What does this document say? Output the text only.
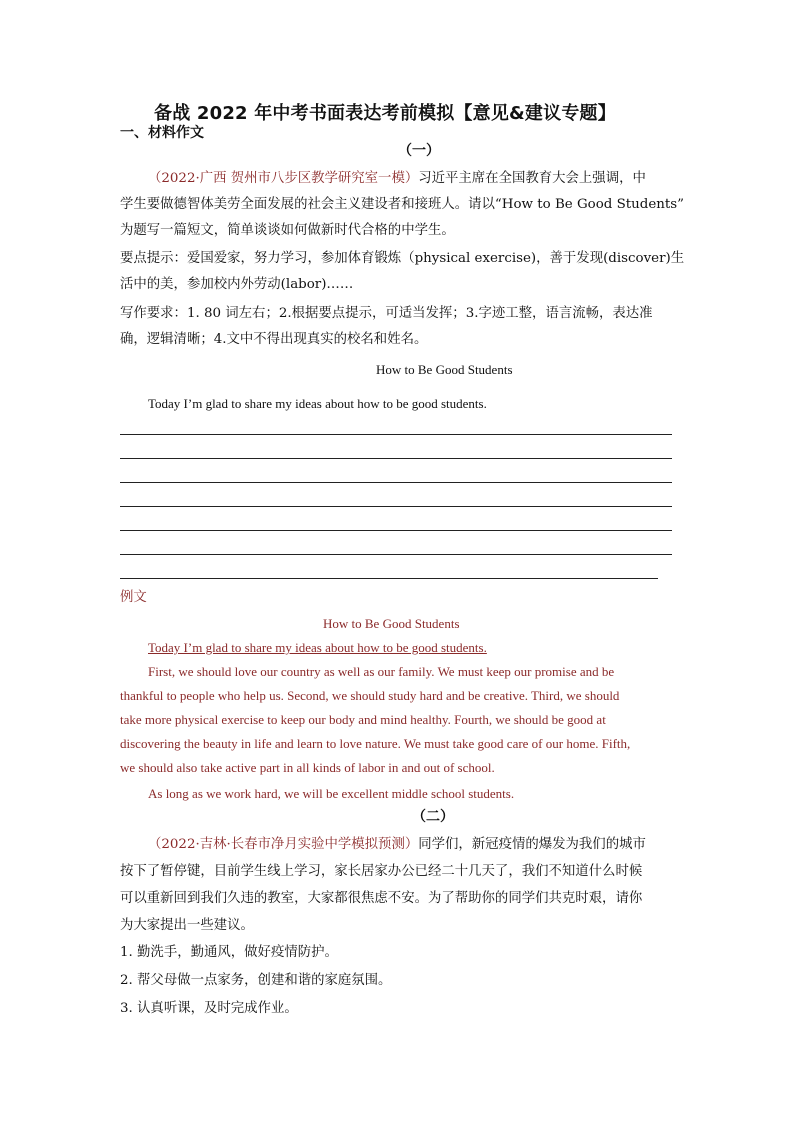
备战 2022 年中考书面表达考前模拟【意见&建议专题】
一、材料作文
（一）
（2022·广西 贺州市八步区教学研究室一模）习近平主席在全国教育大会上强调，中
学生要做德智体美劳全面发展的社会主义建设者和接班人。请以“How to Be Good Students”
为题写一篇短文，简单谈谈如何做新时代合格的中学生。
要点提示：爱国爱家，努力学习，参加体育锻炼（physical exercise)，善于发现(discover)生
活中的美，参加校内外劳动(labor)……
写作要求：1. 80 词左右；2.根据要点提示，可适当发挥；3.字迹工整，语言流畅，表达准
确，逻辑清晰；4.文中不得出现真实的校名和姓名。
How to Be Good Students
Today I’m glad to share my ideas about how to be good students.
例文
How to Be Good Students
Today I’m glad to share my ideas about how to be good students.
First, we should love our country as well as our family. We must keep our promise and be
thankful to people who help us. Second, we should study hard and be creative. Third, we should
take more physical exercise to keep our body and mind healthy. Fourth, we should be good at
discovering the beauty in life and learn to love nature. We must take good care of our home. Fifth,
we should also take active part in all kinds of labor in and out of school.
As long as we work hard, we will be excellent middle school students.
（二）
（2022·吉林·长春市净月实验中学模拟预测）同学们，新冠疫情的爆发为我们的城市
按下了暂停键，目前学生线上学习，家长居家办公已经二十几天了，我们不知道什么时候
可以重新回到我们久违的教室，大家都很焦虑不安。为了帮助你的同学们共克时艰，请你
为大家提出一些建议。
1. 勤洗手，勤通风，做好疫情防护。
2. 帮父母做一点家务，创建和谐的家庭氛围。
3. 认真听课，及时完成作业。
